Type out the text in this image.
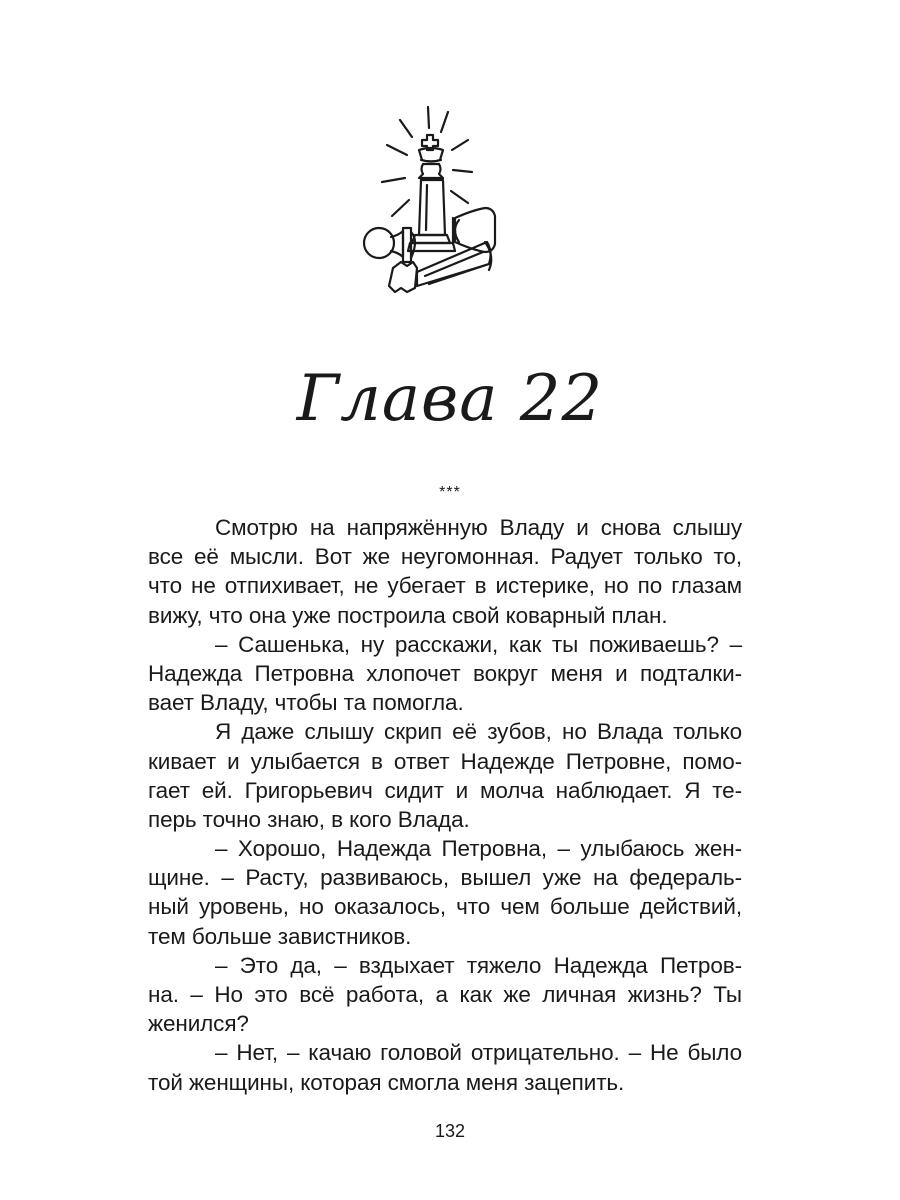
Глава 22
***
Смотрю на напряжённую Владу и снова слышу
все её мысли. Вот же неугомонная. Радует только то,
что не отпихивает, не убегает в истерике, но по глазам
вижу, что она уже построила свой коварный план.
– Сашенька, ну расскажи, как ты поживаешь? –
Надежда Петровна хлопочет вокруг меня и подталки-
вает Владу, чтобы та помогла.
Я даже слышу скрип её зубов, но Влада только
кивает и улыбается в ответ Надежде Петровне, помо-
гает ей. Григорьевич сидит и молча наблюдает. Я те-
перь точно знаю, в кого Влада.
– Хорошо, Надежда Петровна, – улыбаюсь жен-
щине. – Расту, развиваюсь, вышел уже на федераль-
ный уровень, но оказалось, что чем больше действий,
тем больше завистников.
– Это да, – вздыхает тяжело Надежда Петров-
на. – Но это всё работа, а как же личная жизнь? Ты
женился?
– Нет, – качаю головой отрицательно. – Не было
той женщины, которая смогла меня зацепить.
132
